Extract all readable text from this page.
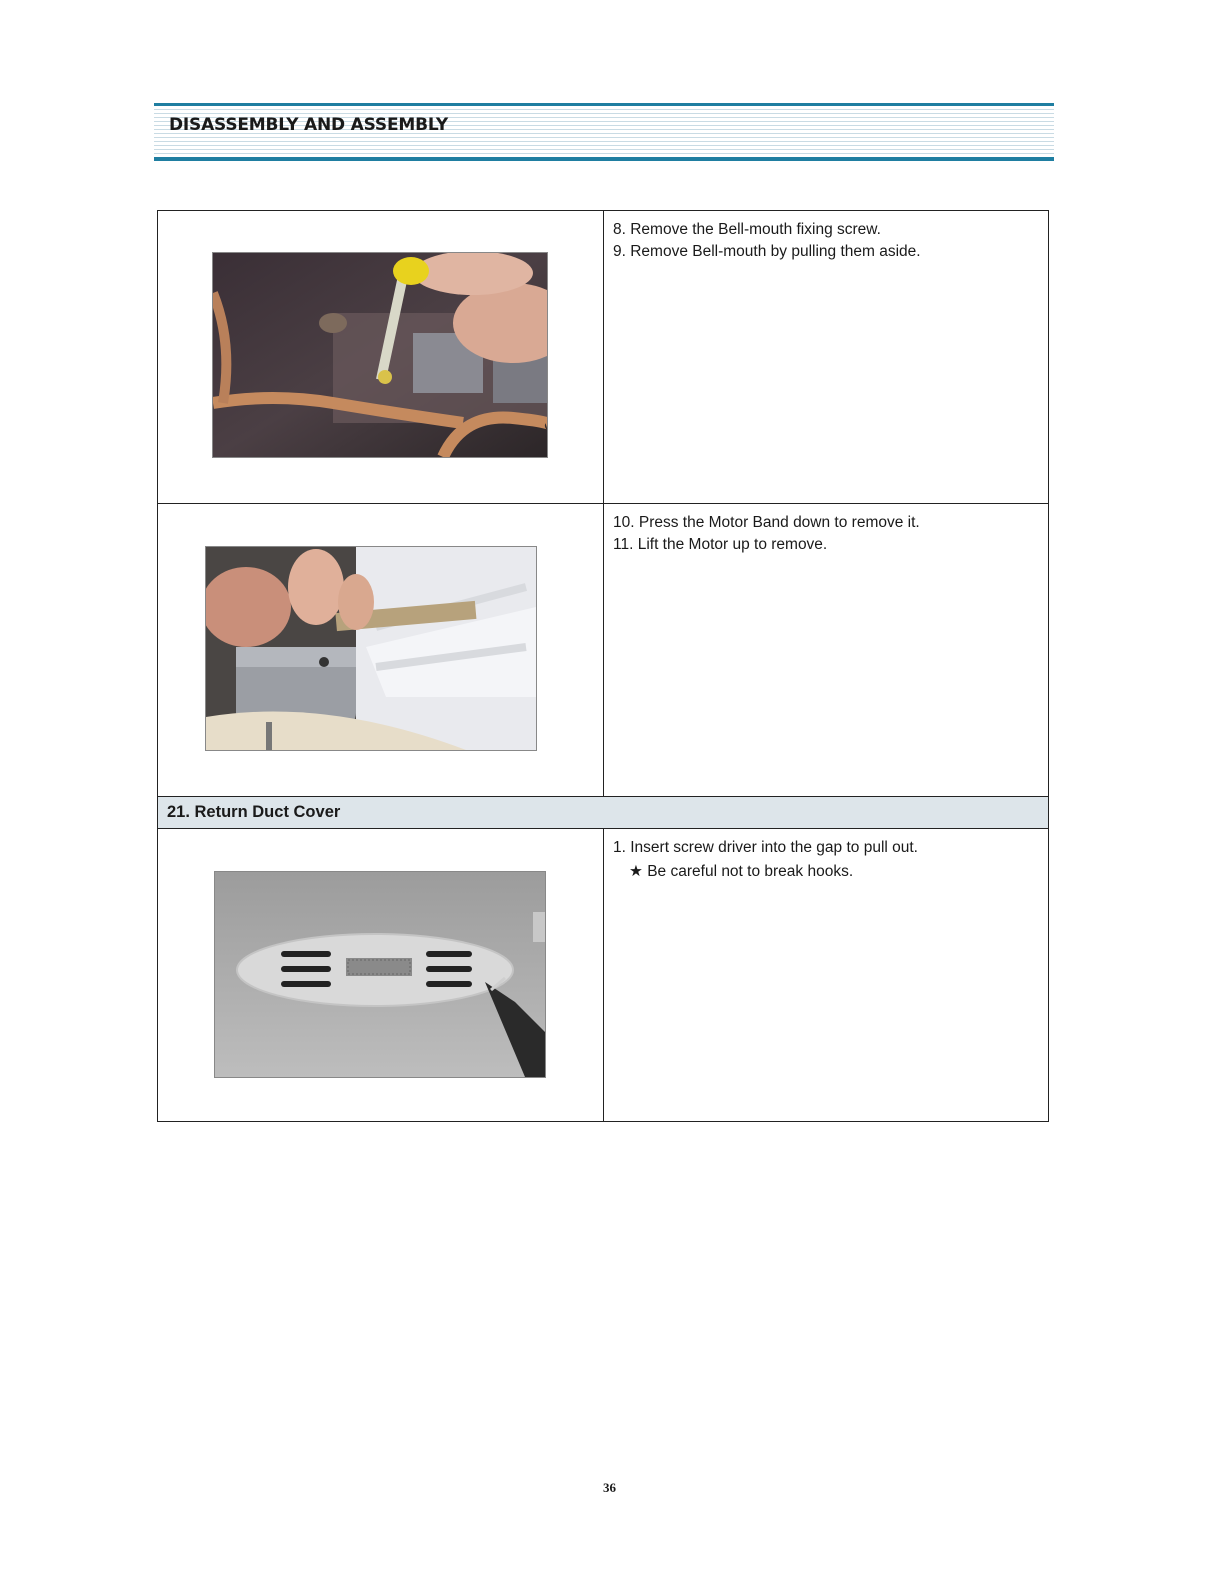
DISASSEMBLY AND ASSEMBLY

8. Remove the Bell-mouth fixing screw.

9. Remove Bell-mouth by pulling them aside.

10. Press the Motor Band down to remove it.

11. Lift the Motor up to remove.

21. Return Duct Cover	

1. Insert screw driver into the gap to pull out.

★ Be careful not to break hooks.

36
